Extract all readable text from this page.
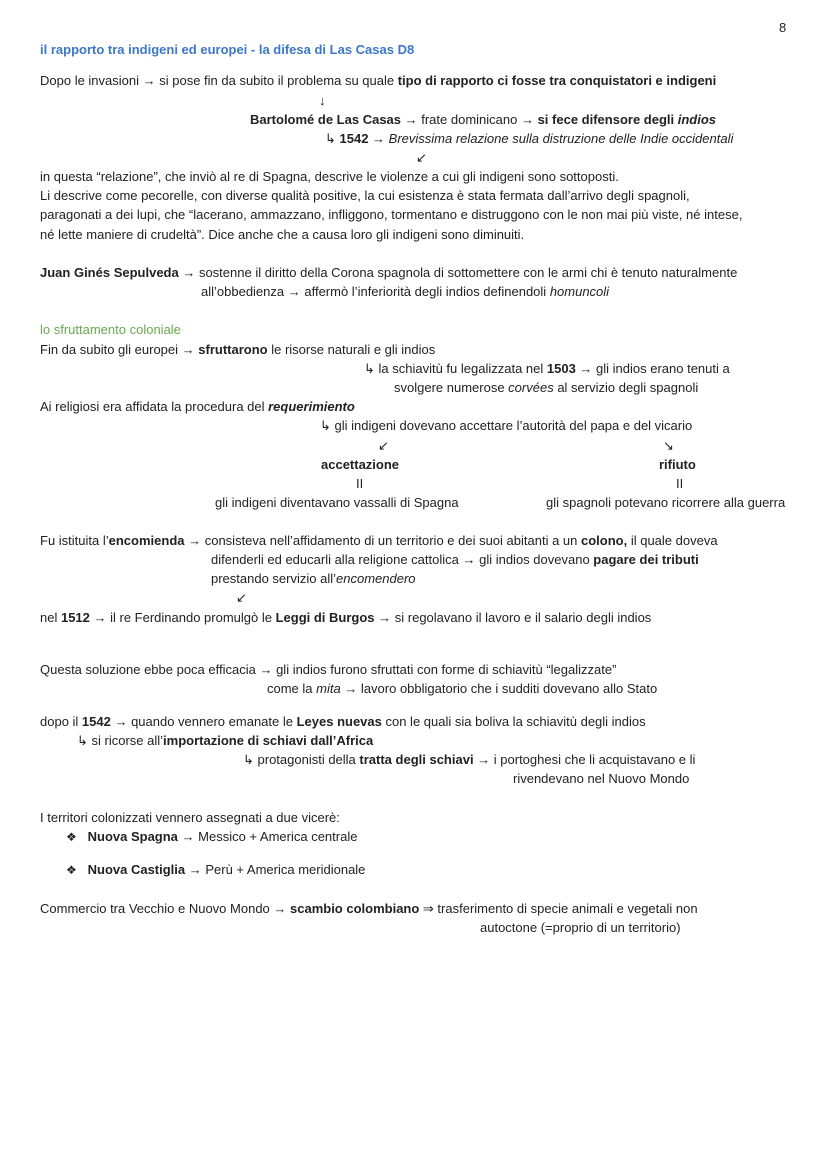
8
il rapporto tra indigeni ed europei - la difesa di Las Casas D8
Dopo le invasioni → si pose fin da subito il problema su quale tipo di rapporto ci fosse tra conquistatori e indigeni
↓
Bartolomé de Las Casas → frate dominicano → si fece difensore degli indios
↳ 1542 → Brevissima relazione sulla distruzione delle Indie occidentali
↙
in questa “relazione”, che inviò al re di Spagna, descrive le violenze a cui gli indigeni sono sottoposti.
Li descrive come pecorelle, con diverse qualità positive, la cui esistenza è stata fermata dall’arrivo degli spagnoli,
paragonati a dei lupi, che “lacerano, ammazzano, infliggono, tormentano e distruggono con le non mai più viste, né intese,
né lette maniere di crudeltà”. Dice anche che a causa loro gli indigeni sono diminuiti.
Juan Ginés Sepulveda → sostenne il diritto della Corona spagnola di sottomettere con le armi chi è tenuto naturalmente
all’obbedienza → affermò l’inferiorità degli indios definendoli homuncoli
lo sfruttamento coloniale
Fin da subito gli europei → sfruttarono le risorse naturali e gli indios
↳ la schiavitù fu legalizzata nel 1503 → gli indios erano tenuti a
svolgere numerose corvées al servizio degli spagnoli
Ai religiosi era affidata la procedura del requerimiento
↳ gli indigeni dovevano accettare l’autorità del papa e del vicario
↙	↘
accettazione	rifiuto
II	II
gli indigeni diventavano vassalli di Spagna	gli spagnoli potevano ricorrere alla guerra
Fu istituita l’encomienda → consisteva nell’affidamento di un territorio e dei suoi abitanti a un colono, il quale doveva
difenderli ed educarli alla religione cattolica → gli indios dovevano pagare dei tributi
prestando servizio all’encomendero
↙
nel 1512 → il re Ferdinando promulgò le Leggi di Burgos → si regolavano il lavoro e il salario degli indios
Questa soluzione ebbe poca efficacia → gli indios furono sfruttati con forme di schiavitù “legalizzate”
come la mita → lavoro obbligatorio che i sudditi dovevano allo Stato
dopo il 1542 → quando vennero emanate le Leyes nuevas con le quali sia boliva la schiavitù degli indios
↳ si ricorse all’importazione di schiavi dall’Africa
↳ protagonisti della tratta degli schiavi → i portoghesi che li acquistavano e li
rivendevano nel Nuovo Mondo
I territori colonizzati vennero assegnati a due vicerè:
❖ Nuova Spagna → Messico + America centrale
❖ Nuova Castiglia → Perù + America meridionale
Commercio tra Vecchio e Nuovo Mondo → scambio colombiano ⇒ trasferimento di specie animali e vegetali non
autoctone (=proprio di un territorio)
